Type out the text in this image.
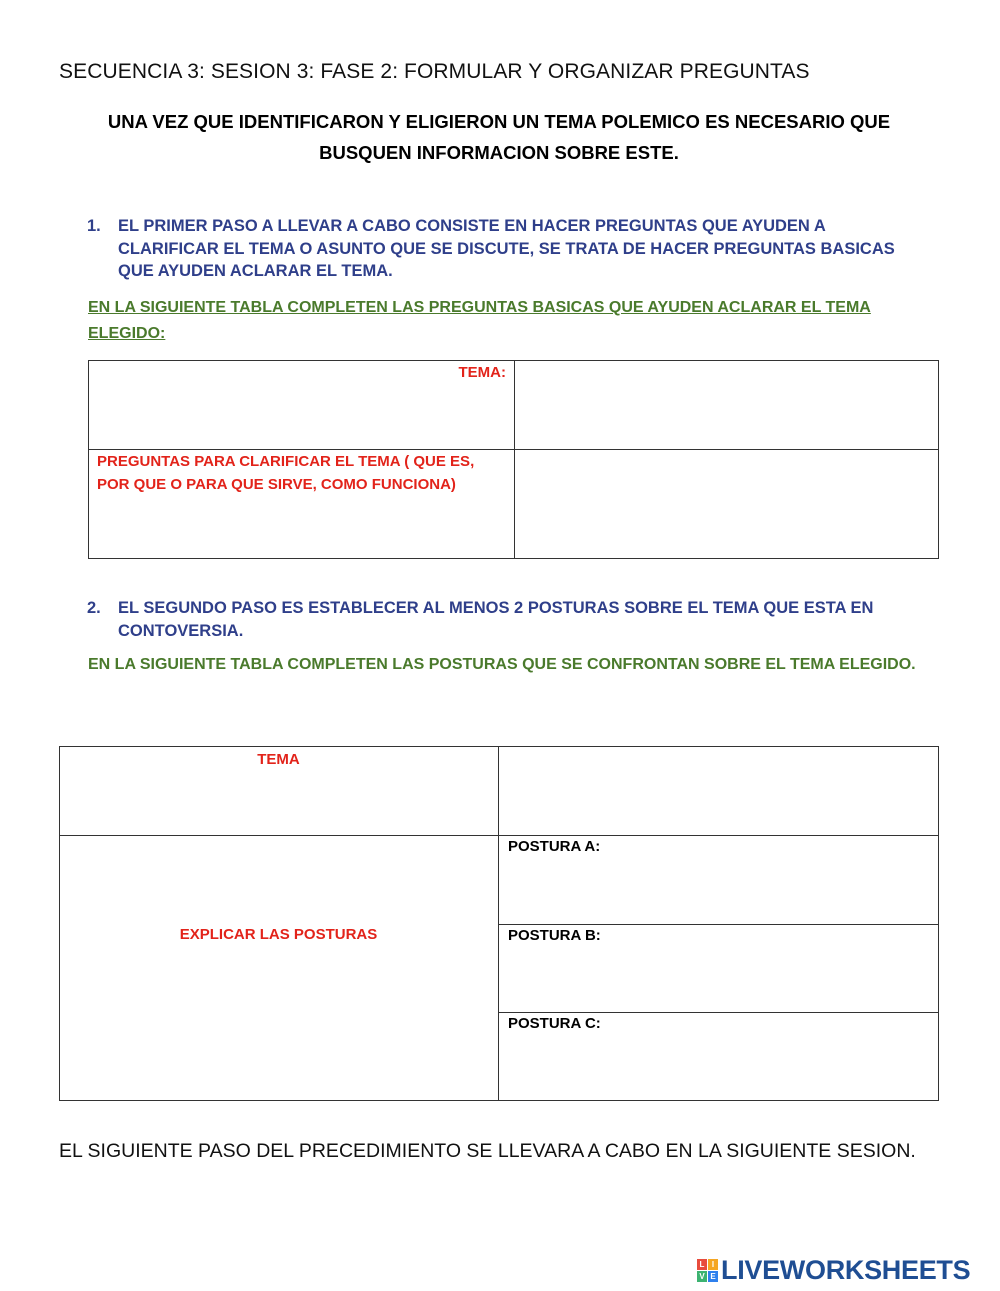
SECUENCIA 3: SESION 3: FASE 2: FORMULAR Y ORGANIZAR PREGUNTAS
UNA VEZ QUE IDENTIFICARON Y ELIGIERON UN TEMA POLEMICO ES NECESARIO QUE BUSQUEN INFORMACION SOBRE ESTE.
1. EL PRIMER PASO A LLEVAR A CABO CONSISTE EN HACER PREGUNTAS QUE AYUDEN A CLARIFICAR EL TEMA O ASUNTO QUE SE DISCUTE, SE TRATA DE HACER PREGUNTAS BASICAS QUE AYUDEN ACLARAR EL TEMA.
EN LA SIGUIENTE TABLA COMPLETEN LAS PREGUNTAS BASICAS QUE AYUDEN ACLARAR EL TEMA ELEGIDO:
TEMA:
PREGUNTAS PARA CLARIFICAR EL TEMA ( QUE ES, POR QUE O PARA QUE SIRVE, COMO FUNCIONA)
2. EL SEGUNDO PASO ES ESTABLECER AL MENOS 2 POSTURAS SOBRE EL TEMA QUE ESTA EN CONTOVERSIA.
EN LA SIGUIENTE TABLA COMPLETEN LAS POSTURAS QUE SE CONFRONTAN SOBRE EL TEMA ELEGIDO.
TEMA
EXPLICAR LAS POSTURAS
POSTURA A:
POSTURA B:
POSTURA C:
EL SIGUIENTE PASO DEL PRECEDIMIENTO SE LLEVARA A CABO EN LA SIGUIENTE SESION.
L I
V E LIVEWORKSHEETS
